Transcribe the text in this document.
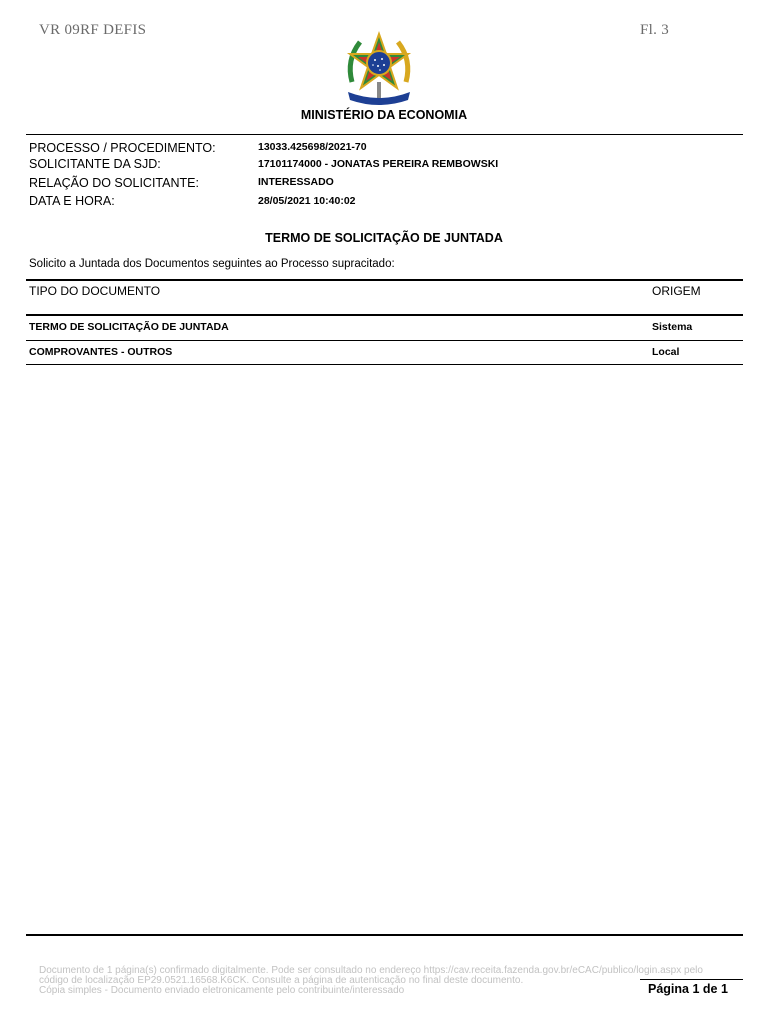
VR 09RF DEFIS	Fl. 3
MINISTÉRIO DA ECONOMIA
PROCESSO / PROCEDIMENTO:	13033.425698/2021-70
SOLICITANTE DA SJD:	17101174000 - JONATAS PEREIRA REMBOWSKI
RELAÇÃO DO SOLICITANTE:	INTERESSADO
DATA E HORA:	28/05/2021 10:40:02
TERMO DE SOLICITAÇÃO DE JUNTADA
Solicito a Juntada dos Documentos seguintes ao Processo supracitado:
TIPO DO DOCUMENTO	ORIGEM
TERMO DE SOLICITAÇÃO DE JUNTADA	Sistema
COMPROVANTES - OUTROS	Local
Documento de 1 página(s) confirmado digitalmente. Pode ser consultado no endereço https://cav.receita.fazenda.gov.br/eCAC/publico/login.aspx pelo
código de localização EP29.0521.16568.K6CK. Consulte a página de autenticação no final deste documento.
Cópia simples - Documento enviado eletronicamente pelo contribuinte/interessado	Página 1 de 1
